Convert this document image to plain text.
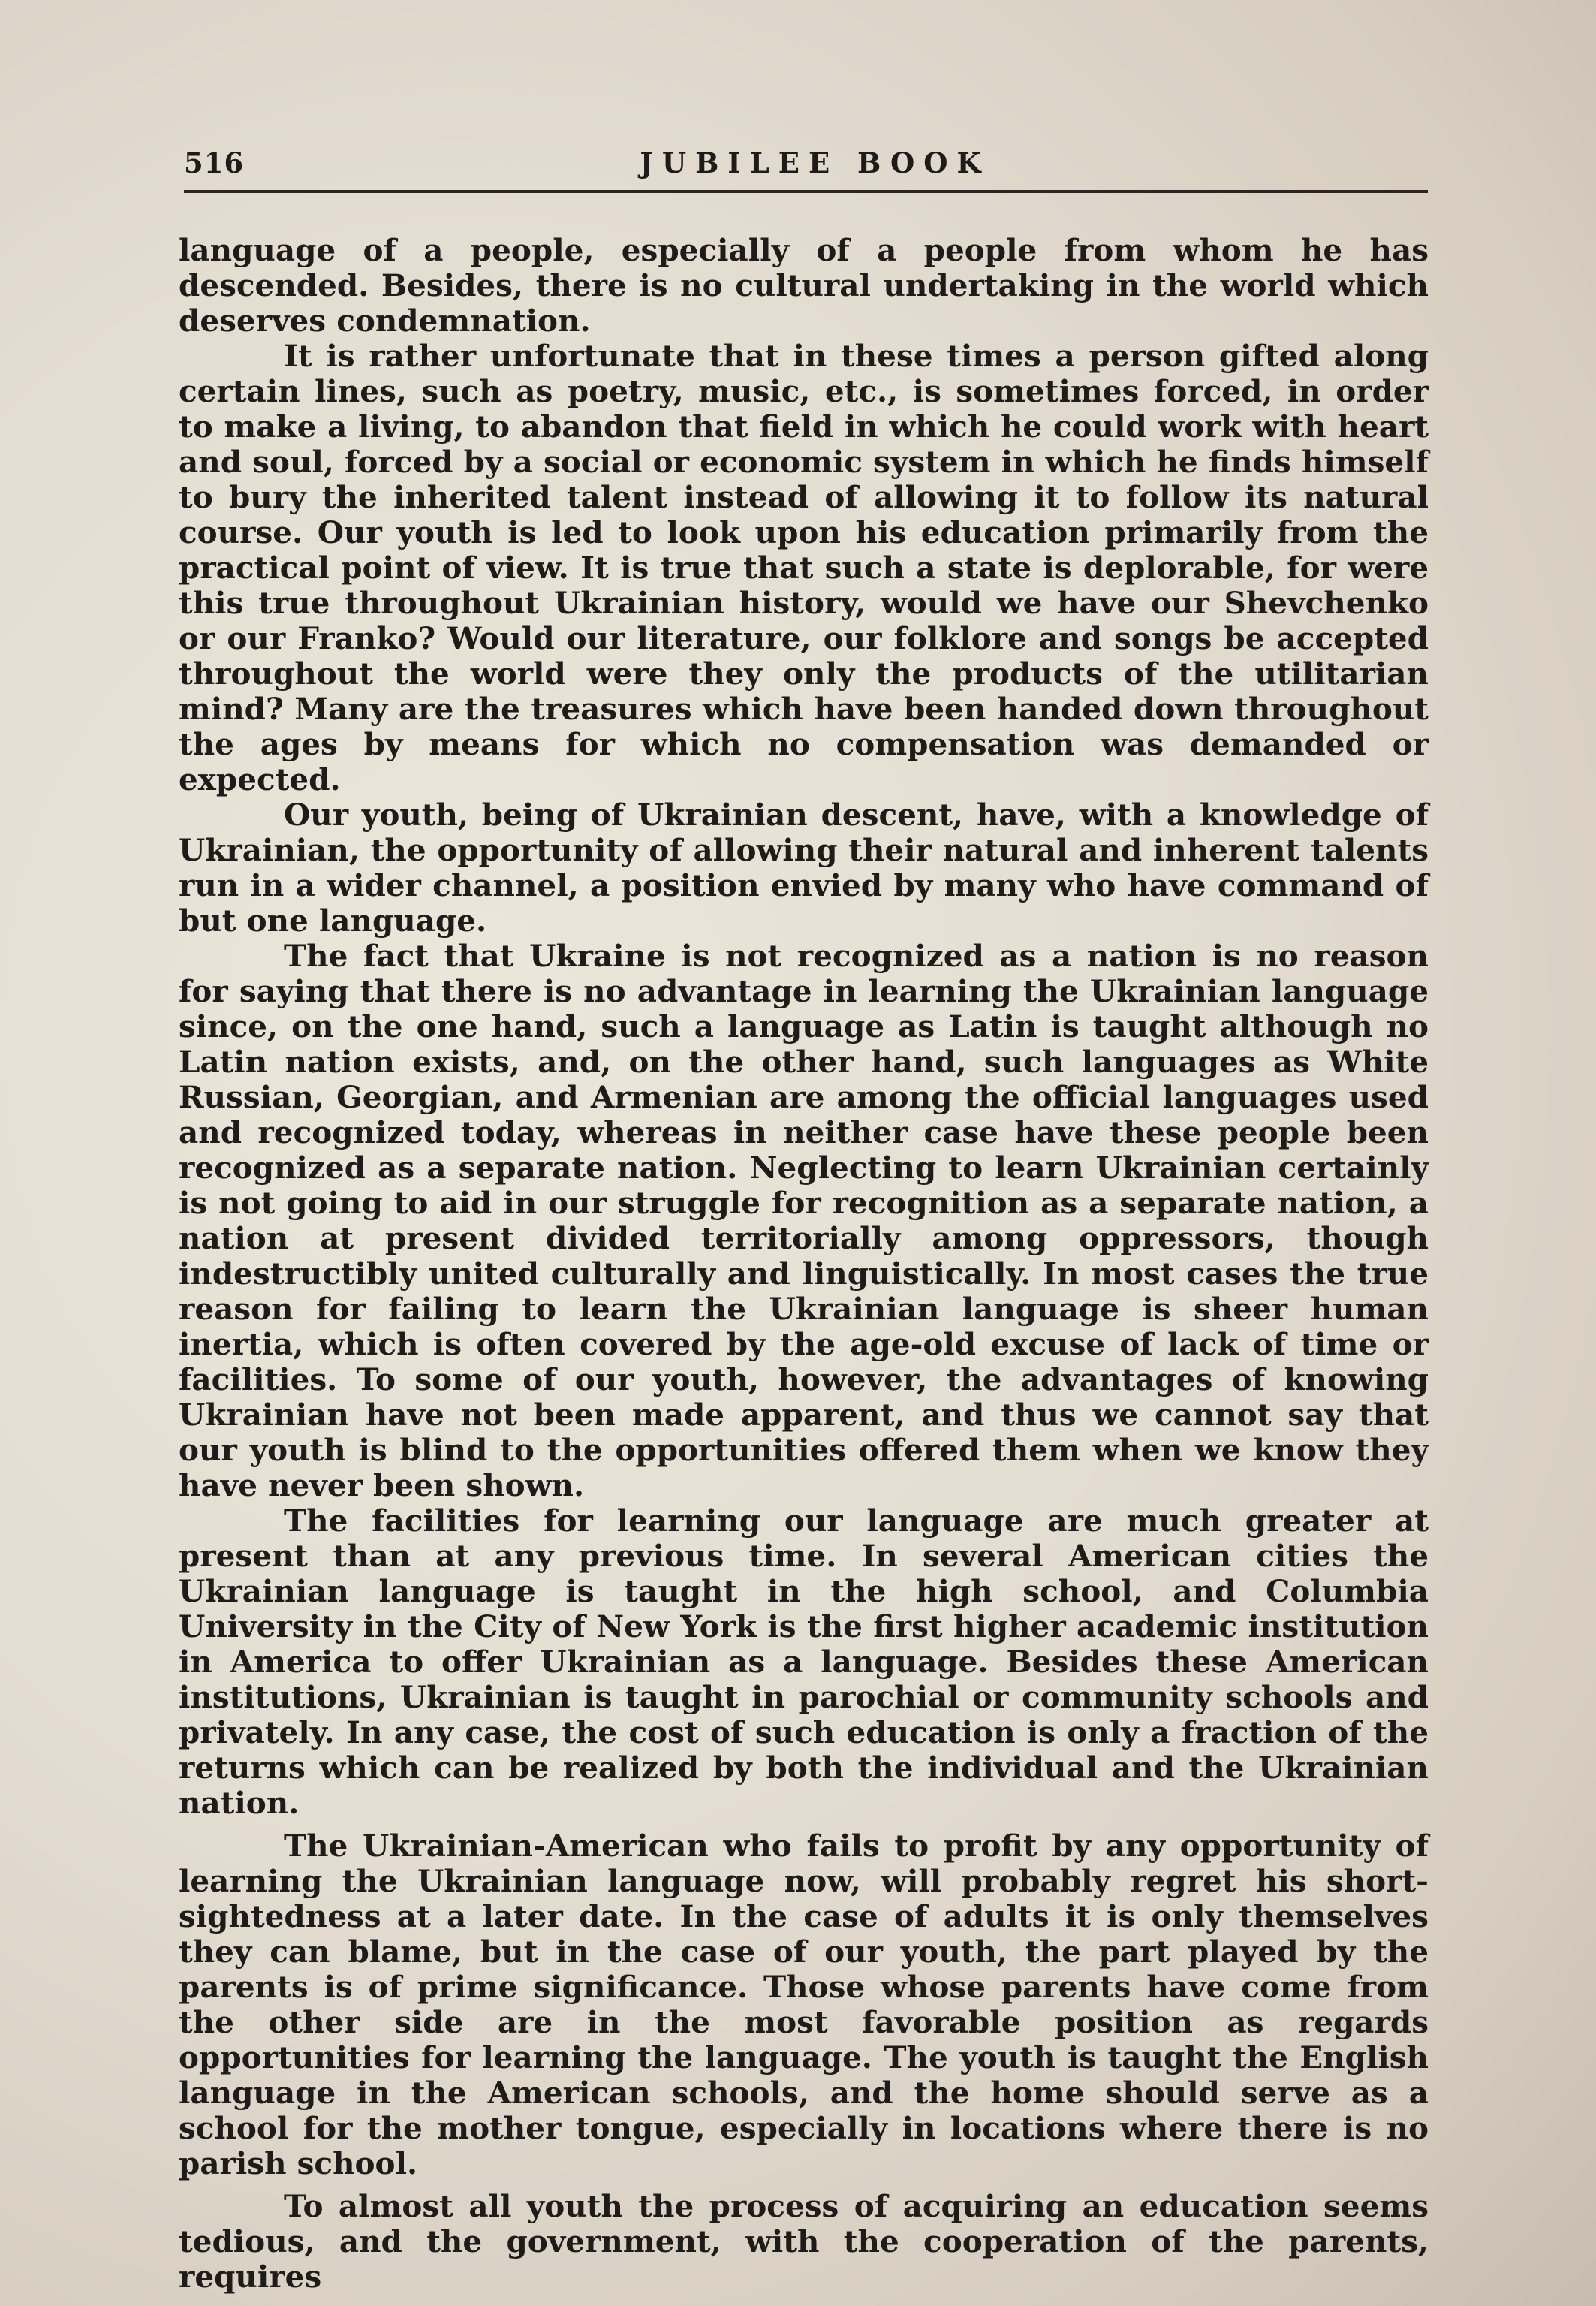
516	JUBILEE BOOK

language of a people, especially of a people from whom he has descended. Besides, there is no cultural undertaking in the world which deserves condemnation.

It is rather unfortunate that in these times a person gifted along certain lines, such as poetry, music, etc., is sometimes forced, in order to make a living, to abandon that field in which he could work with heart and soul, forced by a social or economic system in which he finds himself to bury the inherited talent instead of allowing it to follow its natural course. Our youth is led to look upon his education primarily from the practical point of view. It is true that such a state is deplorable, for were this true throughout Ukrainian history, would we have our Shevchenko or our Franko? Would our literature, our folklore and songs be accepted throughout the world were they only the products of the utilitarian mind? Many are the treasures which have been handed down throughout the ages by means for which no compensation was demanded or expected.

Our youth, being of Ukrainian descent, have, with a knowledge of Ukrainian, the opportunity of allowing their natural and inherent talents run in a wider channel, a position envied by many who have command of but one language.

The fact that Ukraine is not recognized as a nation is no reason for saying that there is no advantage in learning the Ukrainian language since, on the one hand, such a language as Latin is taught although no Latin nation exists, and, on the other hand, such languages as White Russian, Georgian, and Armenian are among the official languages used and recognized today, whereas in neither case have these people been recognized as a separate nation. Neglecting to learn Ukrainian certainly is not going to aid in our struggle for recognition as a separate nation, a nation at present divided territorially among oppressors, though indestructibly united culturally and linguistically. In most cases the true reason for failing to learn the Ukrainian language is sheer human inertia, which is often covered by the age-old excuse of lack of time or facilities. To some of our youth, however, the advantages of knowing Ukrainian have not been made apparent, and thus we cannot say that our youth is blind to the opportunities offered them when we know they have never been shown.

The facilities for learning our language are much greater at present than at any previous time. In several American cities the Ukrainian language is taught in the high school, and Columbia University in the City of New York is the first higher academic institution in America to offer Ukrainian as a language. Besides these American institutions, Ukrainian is taught in parochial or community schools and privately. In any case, the cost of such education is only a fraction of the returns which can be realized by both the individual and the Ukrainian nation.

The Ukrainian-American who fails to profit by any opportunity of learning the Ukrainian language now, will probably regret his short-sightedness at a later date. In the case of adults it is only themselves they can blame, but in the case of our youth, the part played by the parents is of prime significance. Those whose parents have come from the other side are in the most favorable position as regards opportunities for learning the language. The youth is taught the English language in the American schools, and the home should serve as a school for the mother tongue, especially in locations where there is no parish school.

To almost all youth the process of acquiring an education seems tedious, and the government, with the cooperation of the parents, requires
